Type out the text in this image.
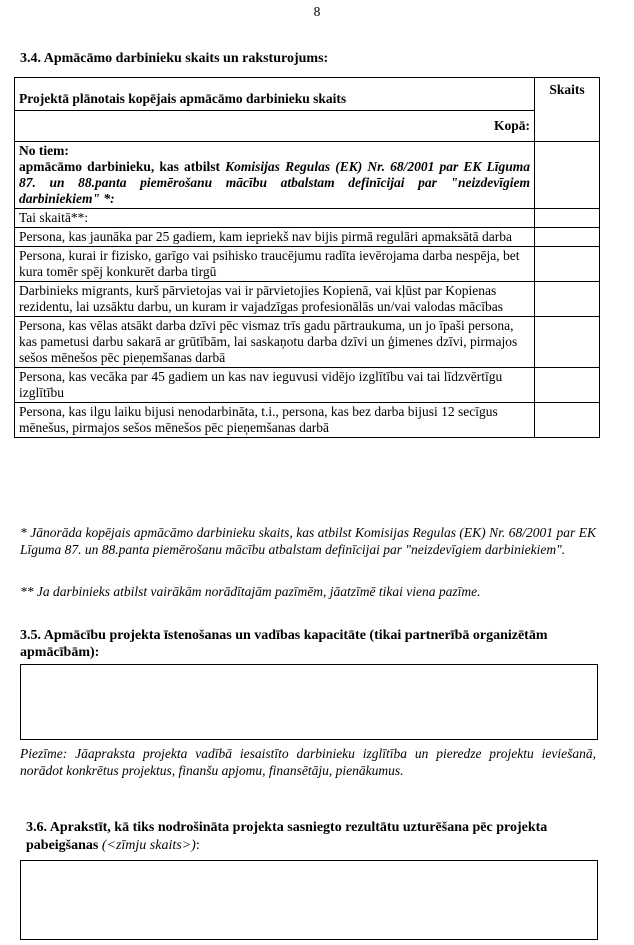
8
3.4. Apmācāmo darbinieku skaits un raksturojums:
Projektā plānotais kopējais apmācāmo darbinieku skaits	Skaits
Kopā:	

No tiem:
apmācāmo darbinieku, kas atbilst Komisijas Regulas (EK) Nr. 68/2001 par EK Līguma 87. un 88.panta piemērošanu mācību atbalstam definīcijai par "neizdevīgiem darbiniekiem" *:	

Tai skaitā**:	
Persona, kas jaunāka par 25 gadiem, kam iepriekš nav bijis pirmā regulāri apmaksātā darba	
Persona, kurai ir fizisko, garīgo vai psihisko traucējumu radīta ievērojama darba nespēja, bet kura tomēr spēj konkurēt darba tirgū	
Darbinieks migrants, kurš pārvietojas vai ir pārvietojies Kopienā, vai kļūst par Kopienas rezidentu, lai uzsāktu darbu, un kuram ir vajadzīgas profesionālās un/vai valodas mācības	
Persona, kas vēlas atsākt darba dzīvi pēc vismaz trīs gadu pārtraukuma, un jo īpaši persona, kas pametusi darbu sakarā ar grūtībām, lai saskaņotu darba dzīvi un ģimenes dzīvi, pirmajos sešos mēnešos pēc pieņemšanas darbā	
Persona, kas vecāka par 45 gadiem un kas nav ieguvusi vidējo izglītību vai tai līdzvērtīgu izglītību	
Persona, kas ilgu laiku bijusi nenodarbināta, t.i., persona, kas bez darba bijusi 12 secīgus mēnešus, pirmajos sešos mēnešos pēc pieņemšanas darbā	
* Jānorāda kopējais apmācāmo darbinieku skaits, kas atbilst Komisijas Regulas (EK) Nr. 68/2001 par EK Līguma 87. un 88.panta piemērošanu mācību atbalstam definīcijai par "neizdevīgiem darbiniekiem".
** Ja darbinieks atbilst vairākām norādītajām pazīmēm, jāatzīmē tikai viena pazīme.
3.5. Apmācību projekta īstenošanas un vadības kapacitāte (tikai partnerībā organizētām apmācībām):
Piezīme: Jāapraksta projekta vadībā iesaistīto darbinieku izglītība un pieredze projektu ieviešanā, norādot konkrētus projektus, finanšu apjomu, finansētāju, pienākumus.
3.6. Aprakstīt, kā tiks nodrošināta projekta sasniegto rezultātu uzturēšana pēc projekta pabeigšanas (<zīmju skaits>):
